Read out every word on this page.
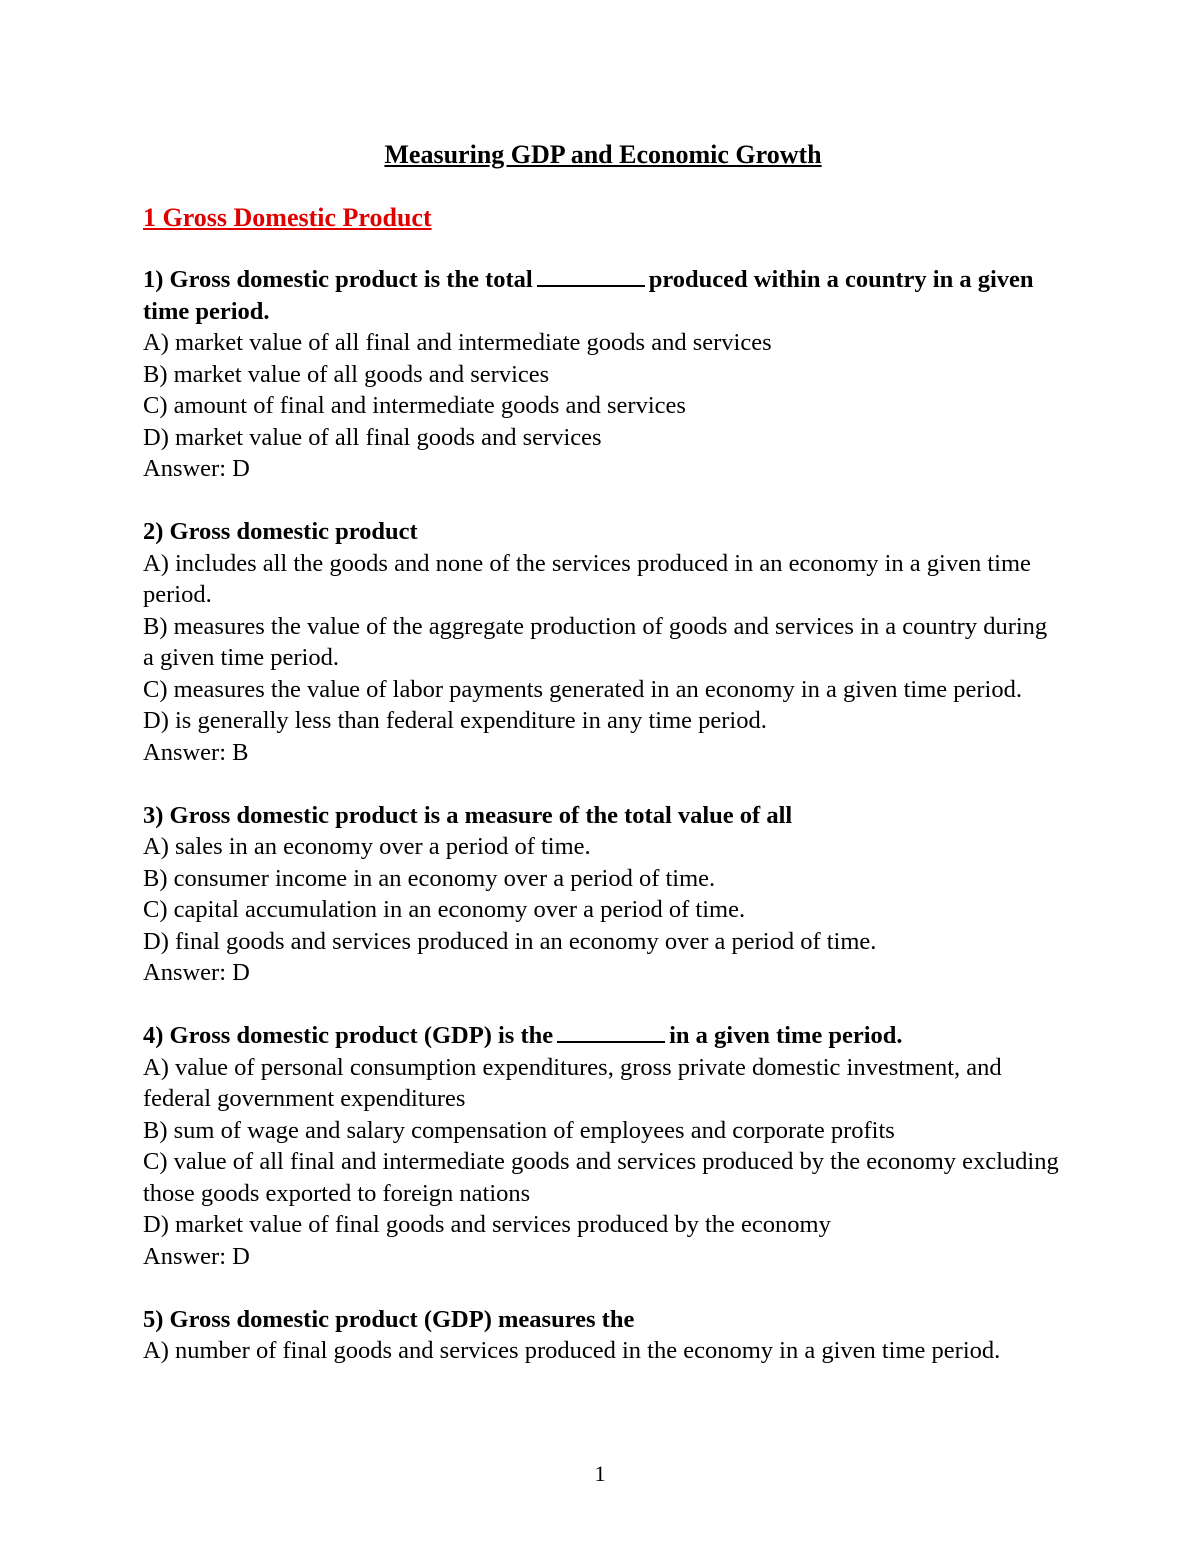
Measuring GDP and Economic Growth
1 Gross Domestic Product
1) Gross domestic product is the total	produced within a country in a given time period.
A) market value of all final and intermediate goods and services
B) market value of all goods and services
C) amount of final and intermediate goods and services
D) market value of all final goods and services
Answer: D
2) Gross domestic product
A) includes all the goods and none of the services produced in an economy in a given time period.
B) measures the value of the aggregate production of goods and services in a country during a given time period.
C) measures the value of labor payments generated in an economy in a given time period.
D) is generally less than federal expenditure in any time period.
Answer: B
3) Gross domestic product is a measure of the total value of all
A) sales in an economy over a period of time.
B) consumer income in an economy over a period of time.
C) capital accumulation in an economy over a period of time.
D) final goods and services produced in an economy over a period of time.
Answer: D
4) Gross domestic product (GDP) is the	in a given time period.
A) value of personal consumption expenditures, gross private domestic investment, and federal government expenditures
B) sum of wage and salary compensation of employees and corporate profits
C) value of all final and intermediate goods and services produced by the economy excluding those goods exported to foreign nations
D) market value of final goods and services produced by the economy
Answer: D
5) Gross domestic product (GDP) measures the
A) number of final goods and services produced in the economy in a given time period.
1
